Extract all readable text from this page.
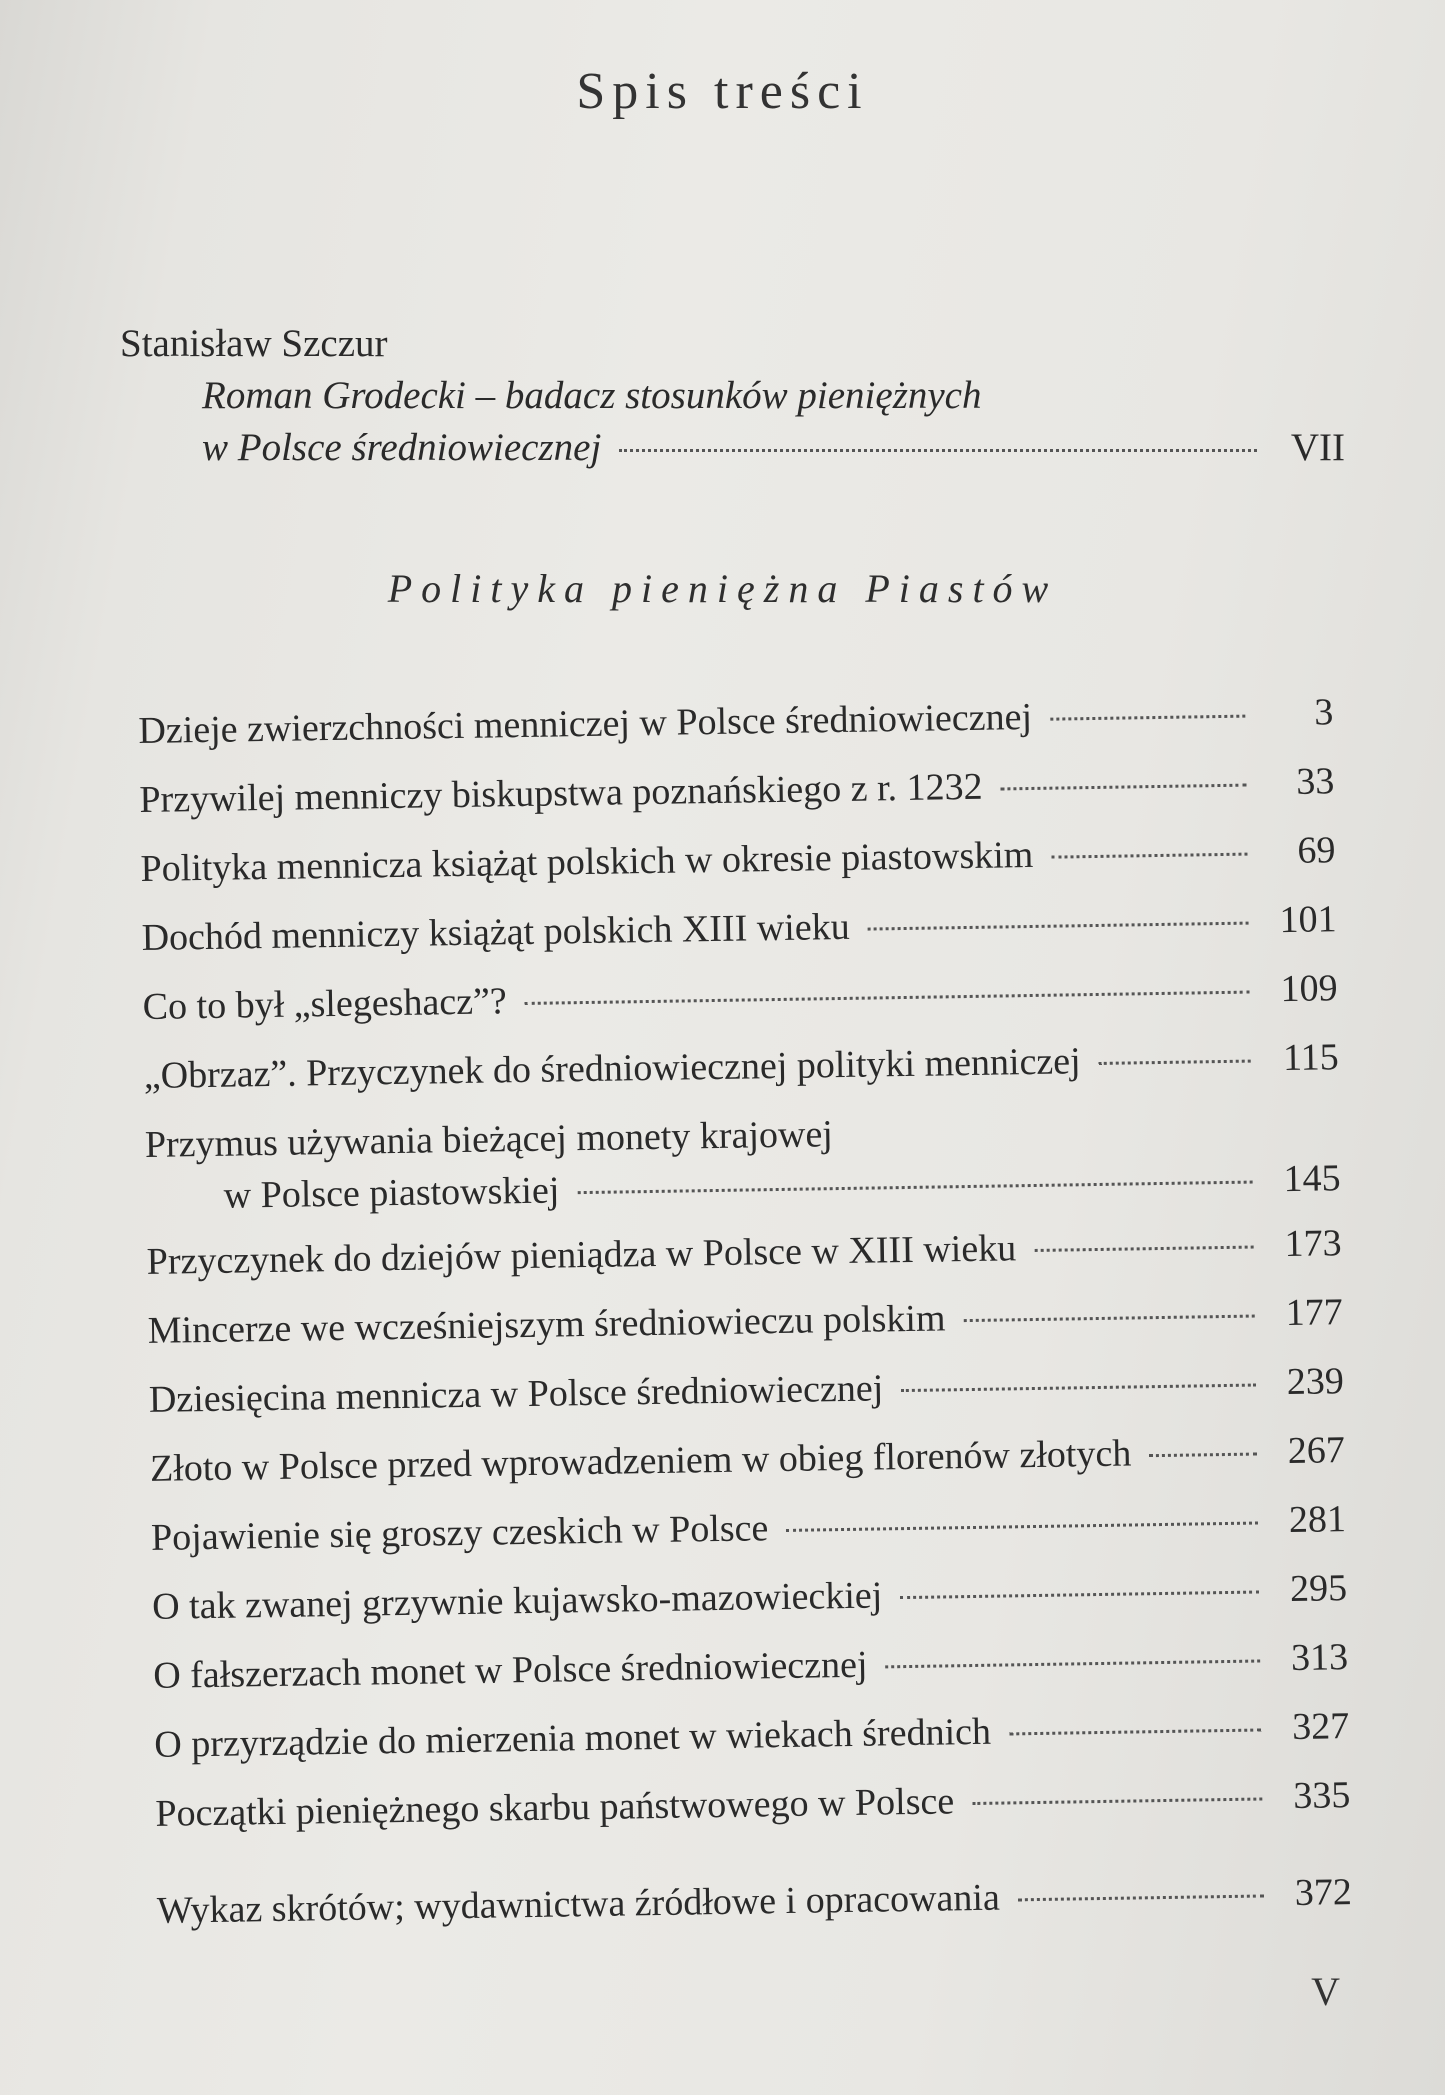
Spis treści
Stanisław Szczur
Roman Grodecki – badacz stosunków pieniężnych
w Polsce średniowiecznej	VII
Polityka pieniężna Piastów
Dzieje zwierzchności menniczej w Polsce średniowiecznej	3
Przywilej menniczy biskupstwa poznańskiego z r. 1232	33
Polityka mennicza książąt polskich w okresie piastowskim	69
Dochód menniczy książąt polskich XIII wieku	101
Co to był „slegeshacz”?	109
„Obrzaz”. Przyczynek do średniowiecznej polityki menniczej	115
Przymus używania bieżącej monety krajowej
w Polsce piastowskiej	145
Przyczynek do dziejów pieniądza w Polsce w XIII wieku	173
Mincerze we wcześniejszym średniowieczu polskim	177
Dziesięcina mennicza w Polsce średniowiecznej	239
Złoto w Polsce przed wprowadzeniem w obieg florenów złotych	267
Pojawienie się groszy czeskich w Polsce	281
O tak zwanej grzywnie kujawsko-mazowieckiej	295
O fałszerzach monet w Polsce średniowiecznej	313
O przyrządzie do mierzenia monet w wiekach średnich	327
Początki pieniężnego skarbu państwowego w Polsce	335
Wykaz skrótów; wydawnictwa źródłowe i opracowania	372
V
